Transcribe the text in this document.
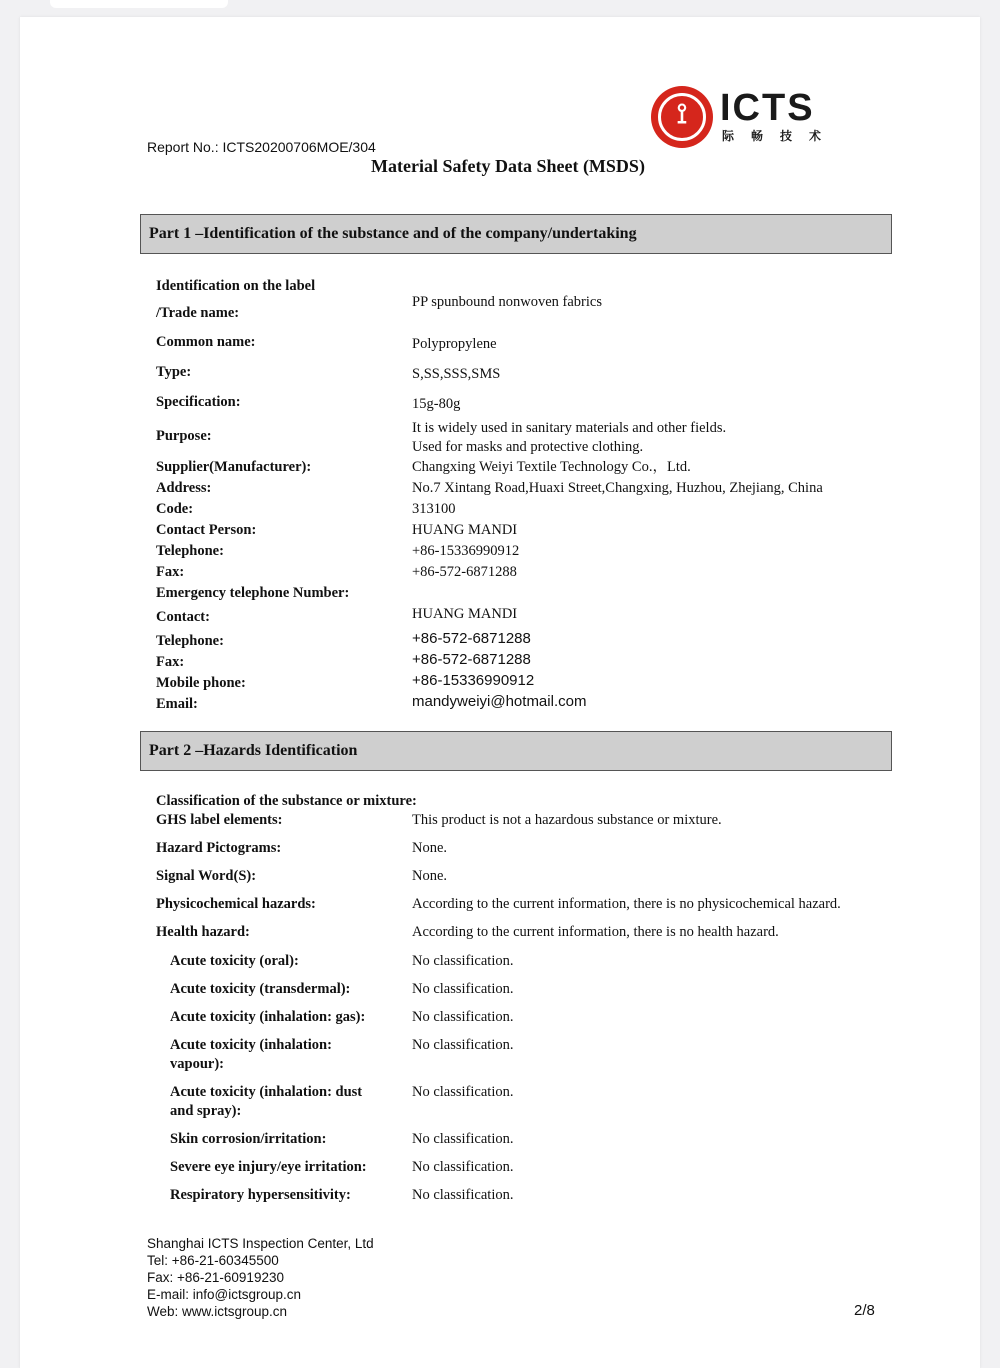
⟟ ICTS
际畅技术
Report No.: ICTS20200706MOE/304
Material Safety Data Sheet (MSDS)
Part 1 –Identification of the substance and of the company/undertaking
Identification on the label
/Trade name:
PP spunbound nonwoven fabrics
Common name:	Polypropylene
Type:	S,SS,SSS,SMS
Specification:	15g-80g
Purpose:	It is widely used in sanitary materials and other fields.
Used for masks and protective clothing.
Supplier(Manufacturer):	Changxing Weiyi Textile Technology Co.，Ltd.
Address:	No.7 Xintang Road,Huaxi Street,Changxing, Huzhou, Zhejiang, China
Code:	313100
Contact Person:	HUANG MANDI
Telephone:	+86-15336990912
Fax:	+86-572-6871288
Emergency telephone Number:
Contact:	HUANG MANDI
Telephone:	+86-572-6871288
Fax:	+86-572-6871288
Mobile phone:	+86-15336990912
Email:	mandyweiyi@hotmail.com
Part 2 –Hazards Identification
Classification of the substance or mixture:
GHS label elements:	This product is not a hazardous substance or mixture.
Hazard Pictograms:	None.
Signal Word(S):	None.
Physicochemical hazards:	According to the current information, there is no physicochemical hazard.
Health hazard:	According to the current information, there is no health hazard.
Acute toxicity (oral):	No classification.
Acute toxicity (transdermal):	No classification.
Acute toxicity (inhalation: gas):	No classification.
Acute toxicity (inhalation:
vapour):
No classification.
Acute toxicity (inhalation: dust
and spray):
No classification.
Skin corrosion/irritation:	No classification.
Severe eye injury/eye irritation:	No classification.
Respiratory hypersensitivity:	No classification.
Shanghai ICTS Inspection Center, Ltd
Tel: +86-21-60345500
Fax: +86-21-60919230
E-mail: info@ictsgroup.cn
Web: www.ictsgroup.cn	2/8
